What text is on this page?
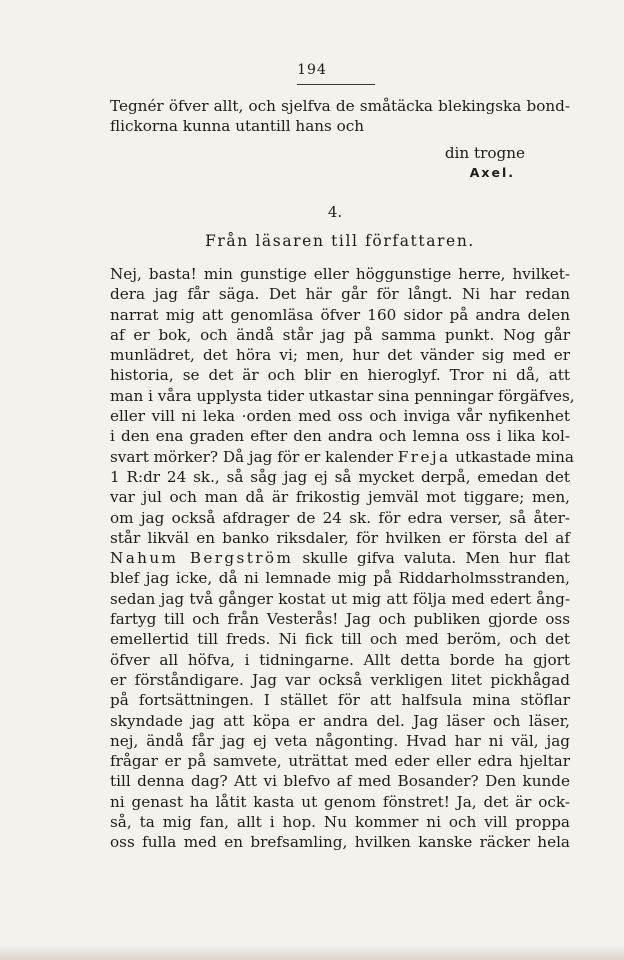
194
Tegnér öfver allt, och sjelfva de småtäcka blekingska bond-
flickorna kunna utantill hans och
din trogne
Axel.
4.
Från läsaren till författaren.
Nej, basta! min gunstige eller höggunstige herre, hvilket-
dera jag får säga. Det här går för långt. Ni har redan
narrat mig att genomläsa öfver 160 sidor på andra delen
af er bok, och ändå står jag på samma punkt. Nog går
munlädret, det höra vi; men, hur det vänder sig med er
historia, se det är och blir en hieroglyf. Tror ni då, att
man i våra upplysta tider utkastar sina penningar förgäfves,
eller vill ni leka ·orden med oss och inviga vår nyfikenhet
i den ena graden efter den andra och lemna oss i lika kol-
svart mörker? Då jag för er kalender Freja utkastade mina
1 R:dr 24 sk., så såg jag ej så mycket derpå, emedan det
var jul och man då är frikostig jemväl mot tiggare; men,
om jag också afdrager de 24 sk. för edra verser, så åter-
står likväl en banko riksdaler, för hvilken er första del af
Nahum Bergström skulle gifva valuta. Men hur flat
blef jag icke, då ni lemnade mig på Riddarholmsstranden,
sedan jag två gånger kostat ut mig att följa med edert ång-
fartyg till och från Vesterås! Jag och publiken gjorde oss
emellertid till freds. Ni fick till och med beröm, och det
öfver all höfva, i tidningarne. Allt detta borde ha gjort
er förståndigare. Jag var också verkligen litet pickhågad
på fortsättningen. I stället för att halfsula mina stöflar
skyndade jag att köpa er andra del. Jag läser och läser,
nej, ändå får jag ej veta någonting. Hvad har ni väl, jag
frågar er på samvete, uträttat med eder eller edra hjeltar
till denna dag? Att vi blefvo af med Bosander? Den kunde
ni genast ha låtit kasta ut genom fönstret! Ja, det är ock-
så, ta mig fan, allt i hop. Nu kommer ni och vill proppa
oss fulla med en brefsamling, hvilken kanske räcker hela
